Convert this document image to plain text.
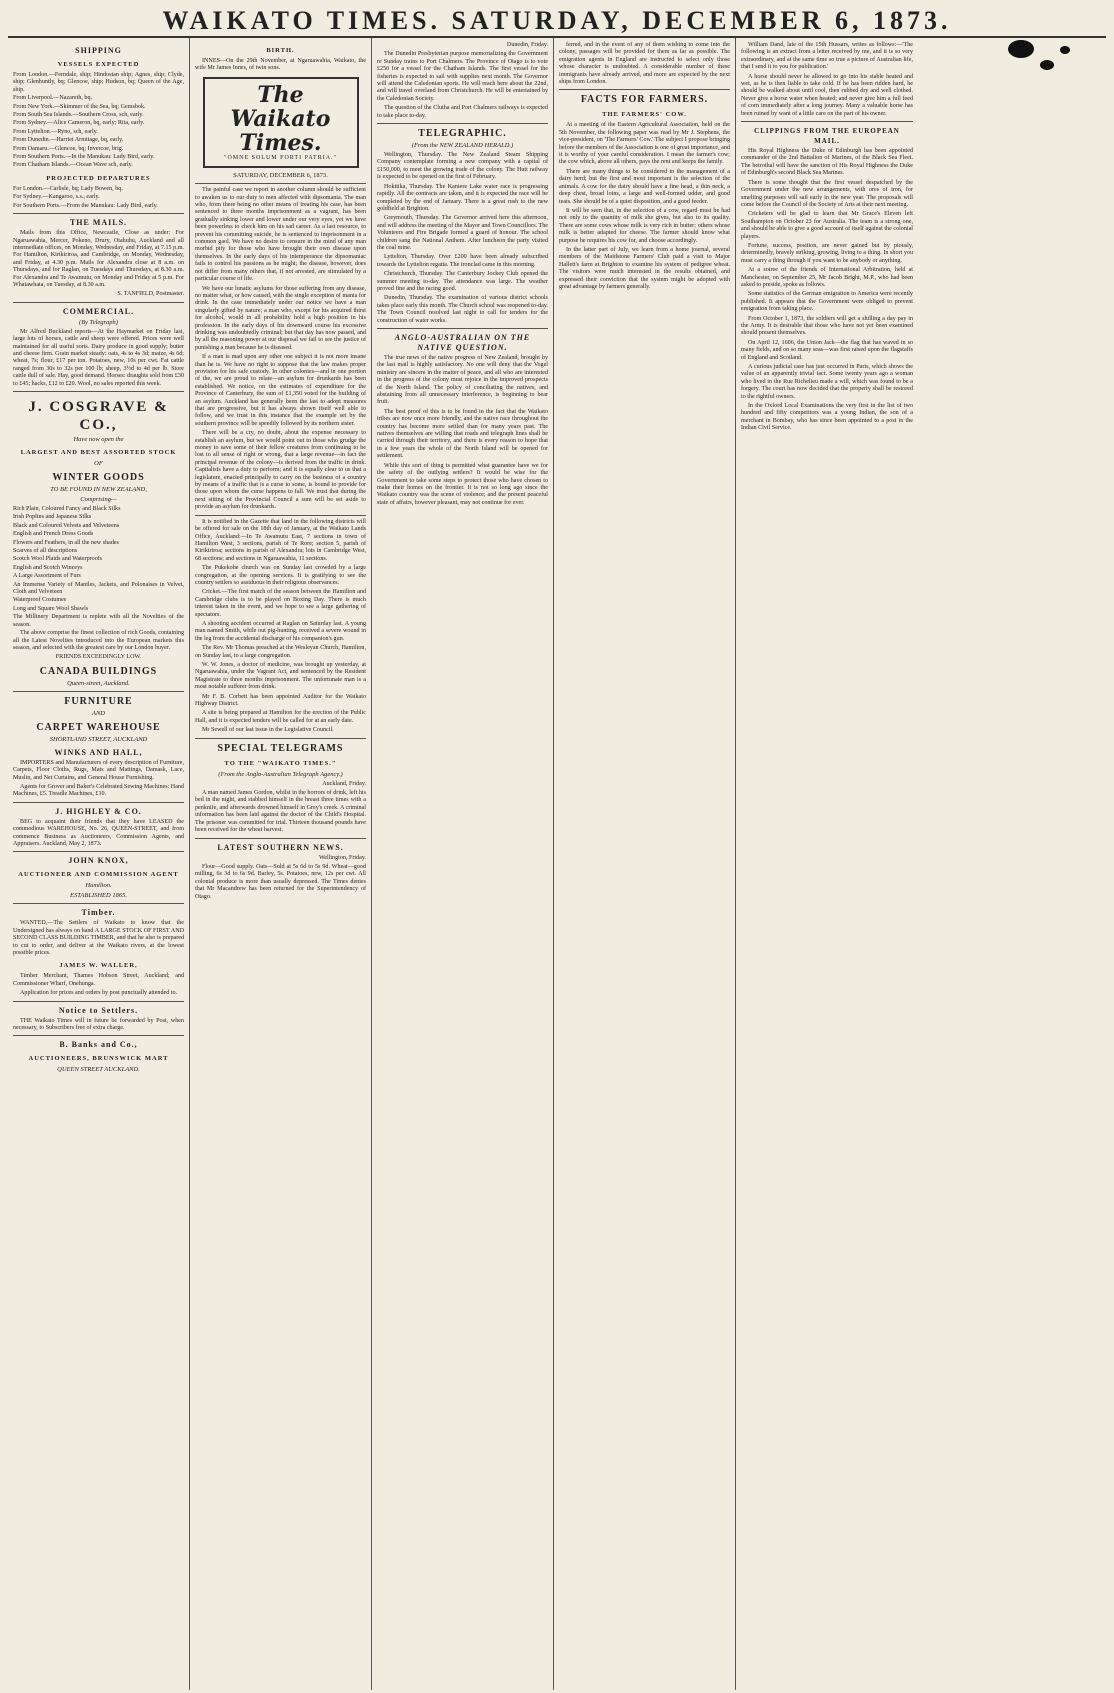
WAIKATO TIMES. SATURDAY, DECEMBER 6, 1873.
SHIPPING
VESSELS EXPECTED
From London.—Ferndale, ship; Hindostan ship; Agnes, ship; Clyde, ship; Glenhuntly, bq; Glencoe, ship; Hudson, bq; Queen of the Age, ship.
From Liverpool.—Nazareth, bq.
From New York.—Skimmer of the Sea, bq; Gemsbok.
From South Sea Islands.—Southern Cross, sch, early.
From Sydney.—Alice Cameron, bq, early; Rita, early.
From Lyttelton.—Ryno, sch, early.
From Dunedin.—Harriet Armitage, bq, early.
From Oamaru.—Glencoe, bq; Invercoe, brig.
From Southern Ports.—In the Manukau: Lady Bird, early.
From Chatham Islands.—Ocean Wave sch, early.
PROJECTED DEPARTURES
For London.—Carlisle, bq; Lady Bowen, bq.
For Sydney.—Kangaroo, s.s., early.
For Southern Ports.—From the Manukau: Lady Bird, early.
THE MAILS.

Mails from this Office, Newcastle, Close as under: For Ngaruawahia, Mercer, Pokeno, Drury, Otahuhu, Auckland and all intermediate offices, on Monday, Wednesday, and Friday, at 7.15 p.m. For Hamilton, Kirikiriroa, and Cambridge, on Monday, Wednesday, and Friday, at 4.30 p.m. Mails for Alexandra close at 8 a.m. on Thursdays, and for Raglan, on Tuesdays and Thursdays, at 8.30 a.m. For Alexandra and Te Awamutu, on Monday and Friday at 5 p.m. For Whatawhata, on Tuesday, at 8.30 a.m.

S. TANFIELD, Postmaster.

COMMERCIAL.
(By Telegraph)

Mr Alfred Buckland reports—At the Haymarket on Friday last, large lots of horses, cattle and sheep were offered. Prices were well maintained for all useful sorts. Dairy produce in good supply; butter and cheese firm. Grain market steady: oats, 4s to 4s 3d; maize, 4s 6d; wheat, 7s; flour, £17 per ton. Potatoes, new, 10s per cwt. Fat cattle ranged from 30s to 32s per 100 lb; sheep, 3½d to 4d per lb. Store cattle dull of sale. Hay, good demand. Horses: draughts sold from £30 to £45; hacks, £12 to £20. Wool, no sales reported this week.

J. COSGRAVE & CO.,
Have now open the
LARGEST AND BEST ASSORTED STOCK
OF
WINTER GOODS
TO BE FOUND IN NEW ZEALAND,
Comprising—
Rich Plain, Coloured Fancy and Black Silks
Irish Poplins and Japanese Silks
Black and Coloured Velvets and Velveteens
English and French Dress Goods
Flowers and Feathers, in all the new shades
Scarves of all descriptions
Scotch Wool Plaids and Waterproofs
English and Scotch Winceys
A Large Assortment of Furs
An Immense Variety of Mantles, Jackets, and Polonaises in Velvet, Cloth and Velveteen
Waterproof Costumes
Long and Square Wool Shawls
The Millinery Department is replete with all the Novelties of the season.

The above comprise the finest collection of rich Goods, containing all the Latest Novelties introduced into the European markets this season, and selected with the greatest care by our London buyer.

FRIENDS EXCEEDINGLY LOW.

CANADA BUILDINGS
Queen-street, Auckland.
FURNITURE
AND
CARPET WAREHOUSE
SHORTLAND STREET, AUCKLAND
WINKS AND HALL,

IMPORTERS and Manufacturers of every description of Furniture, Carpets, Floor Cloths, Rugs, Mats and Mattings, Damask, Lace, Muslin, and Net Curtains, and General House Furnishing.

Agents for Grover and Baker's Celebrated Sewing Machines: Hand Machines, £5. Treadle Machines, £10.

J. HIGHLEY & CO.

BEG to acquaint their friends that they have LEASED the commodious WAREHOUSE, No. 26, QUEEN-STREET, and from commence Business as Auctioneers, Commission Agents, and Appraisers. Auckland, May 2, 1873.

JOHN KNOX,
AUCTIONEER AND COMMISSION AGENT
Hamilton.
ESTABLISHED 1865.
Timber.

WANTED,—The Settlers of Waikato to know that the Undersigned has always on hand A LARGE STOCK OF FIRST AND SECOND CLASS BUILDING TIMBER, and that he also is prepared to cut to order, and deliver at the Waikato rivers, at the lowest possible prices.

JAMES W. WALLER,

Timber Merchant, Thames Hobson Street, Auckland; and Commissioner Wharf, Onehunga.

Application for prices and orders by post punctually attended to.

Notice to Settlers.

THE Waikato Times will in future be forwarded by Post, when necessary, to Subscribers free of extra charge.

B. Banks and Co.,
AUCTIONEERS, BRUNSWICK MART
QUEEN STREET AUCKLAND.
BIRTH.

INNES—On the 29th November, at Ngaruawahia, Waikato, the wife Mr James Innes, of twin sons.

The Waikato Times.
"OMNE SOLUM FORTI PATRIA."
SATURDAY, DECEMBER 6, 1873.

The painful case we report in another column should be sufficient to awaken us to our duty to men affected with dipsomania. The man who, from there being no other means of treating his case, has been sentenced to three months imprisonment as a vagrant, has been gradually sinking lower and lower under our very eyes, yet we have been powerless to check him on his sad career. As a last resource, to prevent his committing suicide, he is sentenced to imprisonment in a common gaol. We have no desire to censure in the mind of any man morbid pity for those who have brought their own disease upon themselves. In the early days of his intemperance the dipsomaniac fails to control his passions as he might; the disease, however, does not differ from many others that, if not arrested, are stimulated by a particular course of life.

We have our lunatic asylums for those suffering from any disease, no matter what, or how caused, with the single exception of mania for drink. In the case immediately under our notice we have a man singularly gifted by nature; a man who, except for his acquired thirst for alcohol, would in all probability hold a high position in his profession. In the early days of his downward course his excessive drinking was undoubtedly criminal; but that day has now passed, and by all the reasoning power at our disposal we fail to see the justice of punishing a man because he is diseased.

If a man is mad upon any other one subject it is not more insane than he is. We have no right to suppose that the law makes proper provision for his safe custody. In other colonies—and in one portion of the, we are proud to relate—an asylum for drunkards has been established. We notice, on the estimates of expenditure for the Province of Canterbury, the sum of £1,350 voted for the building of an asylum. Auckland has generally been the last to adopt measures that are progressive, but it has always shown itself well able to follow, and we trust in this instance that the example set by the southern province will be speedily followed by its northern sister.

There will be a cry, no doubt, about the expense necessary to establish an asylum, but we would point out to those who grudge the money to save some of their fellow creatures from continuing to be lost to all sense of right or wrong, that a large revenue—in fact the principal revenue of the colony—is derived from the traffic in drink. Capitalists have a duty to perform; and it is equally clear to us that a legislature, enacted principally to carry on the business of a country by means of a traffic that is a curse to some, is bound to provide for those upon whom the curse happens to fall. We trust that during the next sitting of the Provincial Council a sum will be set aside to provide an asylum for drunkards.

It is notified in the Gazette that land in the following districts will be offered for sale on the 18th day of January, at the Waikato Lands Office, Auckland:—In Te Awamutu East, 7 sections in town of Hamilton West, 3 sections, parish of Te Rore; section 5, parish of Kirikiriroa; sections in parish of Alexandra; lots in Cambridge West, 68 sections; and sections in Ngaruawahia, 11 sections.

The Pukekohe church was on Sunday last crowded by a large congregation, at the opening services. It is gratifying to see the country settlers so assiduous in their religious observances.

Cricket.—The first match of the season between the Hamilton and Cambridge clubs is to be played on Boxing Day. There is much interest taken in the event, and we hope to see a large gathering of spectators.

A shooting accident occurred at Raglan on Saturday last. A young man named Smith, while out pig-hunting, received a severe wound in the leg from the accidental discharge of his companion's gun.

The Rev. Mr Thomas preached at the Wesleyan Church, Hamilton, on Sunday last, to a large congregation.

W. W. Jones, a doctor of medicine, was brought up yesterday, at Ngaruawahia, under the Vagrant Act, and sentenced by the Resident Magistrate to three months imprisonment. The unfortunate man is a most notable sufferer from drink.

Mr F. B. Corbett has been appointed Auditor for the Waikato Highway District.

A site is being prepared at Hamilton for the erection of the Public Hall, and it is expected tenders will be called for at an early date.

Mr Sewell of our last issue in the Legislative Council.

SPECIAL TELEGRAMS
TO THE "WAIKATO TIMES."
(From the Anglo-Australian Telegraph Agency.)

Auckland, Friday.

A man named James Gordon, whilst in the horrors of drink, left his bed in the night, and stabbed himself in the breast three times with a penknife, and afterwards drowned himself in Grey's creek. A criminal information has been laid against the doctor of the Child's Hospital. The prisoner was committed for trial. Thirteen thousand pounds have been received for the wheat harvest.

LATEST SOUTHERN NEWS.

Wellington, Friday.

Flour—Good supply. Oats—Sold at 5s 6d to 5s 9d. Wheat—good milling, 6s 3d to 6s 9d. Barley, 5s. Potatoes, new, 12s per cwt. All colonial produce is more than usually depressed. The Times denies that Mr Macandrew has been returned for the Superintendency of Otago.

Dunedin, Friday.

The Dunedin Presbyterian purpose memorializing the Government re Sunday trains to Port Chalmers. The Province of Otago is to vote £250 for a vessel for the Chatham Islands. The first vessel for the fisheries is expected to sail with supplies next month. The Governor will attend the Caledonian sports. He will reach here about the 22nd, and will travel overland from Christchurch. He will be entertained by the Caledonian Society.

The question of the Clutha and Port Chalmers railways is expected to take place to-day.

TELEGRAPHIC.
(From the NEW ZEALAND HERALD.)

Wellington, Thursday. The New Zealand Steam Shipping Company contemplate forming a new company with a capital of £150,000, to meet the growing trade of the colony. The Hutt railway is expected to be opened on the first of February.

Hokitika, Thursday. The Kaniere Lake water race is progressing rapidly. All the contracts are taken, and it is expected the race will be completed by the end of January. There is a great rush to the new goldfield at Brighton.

Greymouth, Thursday. The Governor arrived here this afternoon, and will address the meeting of the Mayor and Town Councillors. The Volunteers and Fire Brigade formed a guard of honour. The school children sang the National Anthem. After luncheon the party visited the coal mine.

Lyttelton, Thursday. Over £200 have been already subscribed towards the Lyttelton regatta. The ironclad came in this morning.

Christchurch, Thursday. The Canterbury Jockey Club opened the summer meeting to-day. The attendance was large. The weather proved fine and the racing good.

Dunedin, Thursday. The examination of various district schools takes place early this month. The Church school was reopened to-day. The Town Council resolved last night to call for tenders for the construction of water works.

ANGLO-AUSTRALIAN ON THE NATIVE QUESTION.

The true news of the native progress of New Zealand, brought by the last mail is highly satisfactory. No one will deny that the Vogel ministry are sincere in the matter of peace, and all who are interested in the progress of the colony must rejoice in the improved prospects of the North Island. The policy of conciliating the natives, and abstaining from all unnecessary interference, is beginning to bear fruit.

The best proof of this is to be found in the fact that the Waikato tribes are now once more friendly, and the native race throughout the country has become more settled than for many years past. The natives themselves are willing that roads and telegraph lines shall be carried through their territory, and there is every reason to hope that in a few years the whole of the North Island will be opened for settlement.

While this sort of thing is permitted what guarantee have we for the safety of the outlying settlers? It would be wise for the Government to take some steps to protect those who have chosen to make their homes on the frontier. It is not so long ago since the Waikato country was the scene of violence; and the present peaceful state of affairs, however pleasant, may not continue for ever.

ferred, and in the event of any of them wishing to come into the colony, passages will be provided for them as far as possible. The emigration agents in England are instructed to select only those whose character is undoubted. A considerable number of these immigrants have already arrived, and more are expected by the next ships from London.

FACTS FOR FARMERS.
THE FARMERS' COW.

At a meeting of the Eastern Agricultural Association, held on the 5th November, the following paper was read by Mr J. Stephens, the vice-president, on 'The Farmers' Cow.' The subject I propose bringing before the members of the Association is one of great importance, and it is worthy of your careful consideration. I mean the farmer's cow; the cow which, above all others, pays the rent and keeps the family.

There are many things to be considered in the management of a dairy herd; but the first and most important is the selection of the animals. A cow for the dairy should have a fine head, a thin neck, a deep chest, broad loins, a large and well-formed udder, and good teats. She should be of a quiet disposition, and a good feeder.

It will be seen that, in the selection of a cow, regard must be had not only to the quantity of milk she gives, but also to its quality. There are some cows whose milk is very rich in butter; others whose milk is better adapted for cheese. The farmer should know what purpose he requires his cow for, and choose accordingly.

In the latter part of July, we learn from a home journal, several members of the Maidstone Farmers' Club paid a visit to Major Hallett's farm at Brighton to examine his system of pedigree wheat. The visitors were much interested in the results obtained, and expressed their conviction that the system might be adopted with great advantage by farmers generally.

William Dand, late of the 15th Hussars, writes as follows:—'The following is an extract from a letter received by me, and it is so very extraordinary, and at the same time so true a picture of Australian life, that I send it to you for publication.'

A horse should never be allowed to go into his stable heated and wet, as he is then liable to take cold. If he has been ridden hard, he should be walked about until cool, then rubbed dry and well clothed. Never give a horse water when heated; and never give him a full feed of corn immediately after a long journey. Many a valuable horse has been ruined by want of a little care on the part of his owner.

CLIPPINGS FROM THE EUROPEAN MAIL.

His Royal Highness the Duke of Edinburgh has been appointed commander of the 2nd Battalion of Marines, of the Black Sea Fleet. The betrothal will have the sanction of His Royal Highness the Duke of Edinburgh's second Black Sea Marines.

There is some thought that the first vessel despatched by the Government under the new arrangements, with ores of iron, for smelting purposes will sail early in the new year. The proposals will come before the Council of the Society of Arts at their next meeting.

Cricketers will be glad to learn that Mr Grace's Eleven left Southampton on October 23 for Australia. The team is a strong one, and should be able to give a good account of itself against the colonial players.

Fortune, success, position, are never gained but by piously, determinedly, bravely striking, growing, living to a thing. In short you must carry a thing through if you want to be anybody or anything.

At a soiree of the friends of International Arbitration, held at Manchester, on September 25, Mr Jacob Bright, M.P., who had been asked to preside, spoke as follows.

Some statistics of the German emigration to America were recently published. It appears that the Government were obliged to prevent emigration from taking place.

From October 1, 1873, the soldiers will get a shilling a day pay in the Army. It is desirable that those who have not yet been examined should present themselves.

On April 12, 1606, the Union Jack—the flag that has waved in so many fields, and on so many seas—was first raised upon the flagstaffs of England and Scotland.

A curious judicial case has just occurred in Paris, which shows the value of an apparently trivial fact. Some twenty years ago a woman who lived in the Rue Richelieu made a will, which was found to be a forgery. The court has now decided that the property shall be restored to the rightful owners.

In the Oxford Local Examinations the very first in the list of two hundred and fifty competitors was a young Indian, the son of a merchant in Bombay, who has since been appointed to a post in the Indian Civil Service.
